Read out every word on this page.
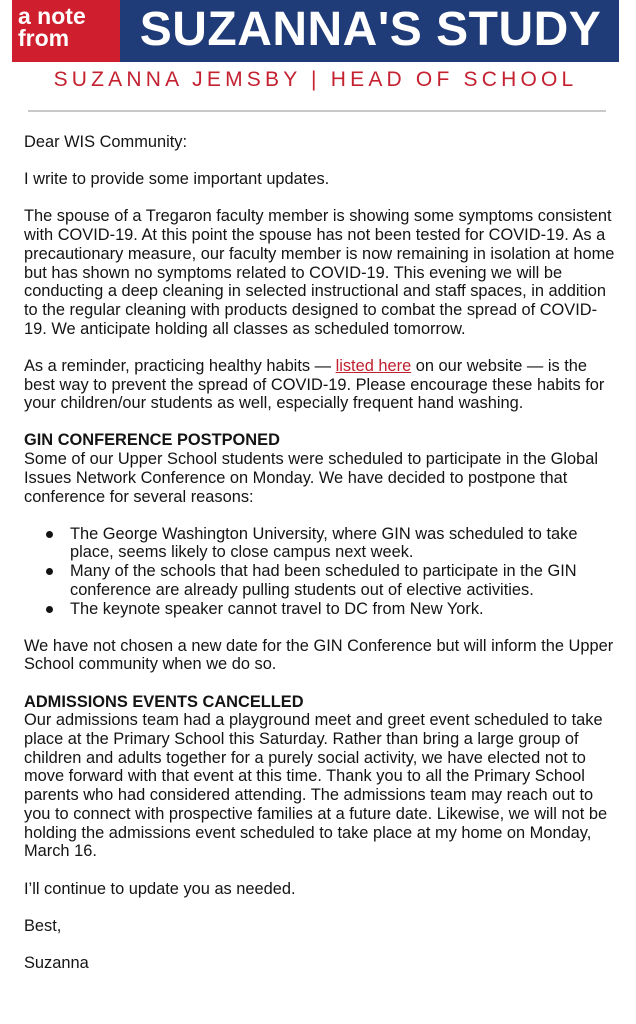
a note
from	SUZANNA'S STUDY
SUZANNA JEMSBY | HEAD OF SCHOOL

Dear WIS Community:

I write to provide some important updates.

The spouse of a Tregaron faculty member is showing some symptoms consistent with COVID-19. At this point the spouse has not been tested for COVID-19. As a precautionary measure, our faculty member is now remaining in isolation at home but has shown no symptoms related to COVID-19. This evening we will be conducting a deep cleaning in selected instructional and staff spaces, in addition to the regular cleaning with products designed to combat the spread of COVID-19. We anticipate holding all classes as scheduled tomorrow.

As a reminder, practicing healthy habits — listed here on our website — is the best way to prevent the spread of COVID-19. Please encourage these habits for your children/our students as well, especially frequent hand washing.

GIN CONFERENCE POSTPONED

Some of our Upper School students were scheduled to participate in the Global Issues Network Conference on Monday. We have decided to postpone that conference for several reasons:

The George Washington University, where GIN was scheduled to take place, seems likely to close campus next week.
Many of the schools that had been scheduled to participate in the GIN conference are already pulling students out of elective activities.
The keynote speaker cannot travel to DC from New York.

We have not chosen a new date for the GIN Conference but will inform the Upper School community when we do so.

ADMISSIONS EVENTS CANCELLED

Our admissions team had a playground meet and greet event scheduled to take place at the Primary School this Saturday. Rather than bring a large group of children and adults together for a purely social activity, we have elected not to move forward with that event at this time. Thank you to all the Primary School parents who had considered attending. The admissions team may reach out to you to connect with prospective families at a future date. Likewise, we will not be holding the admissions event scheduled to take place at my home on Monday, March 16.

I’ll continue to update you as needed.

Best,

Suzanna
